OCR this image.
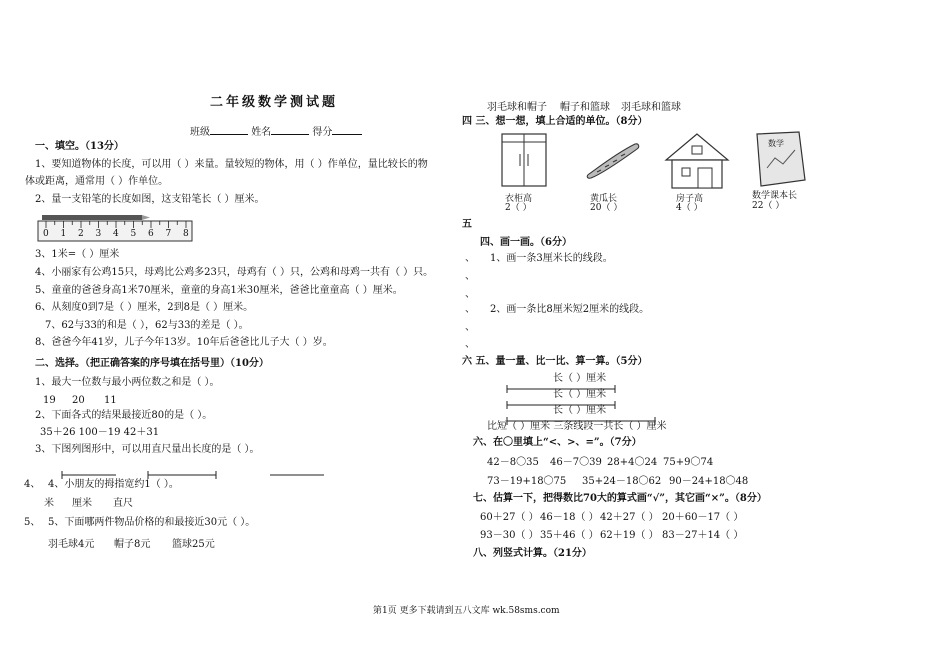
二年级数学测试题
班级	姓名	得分
一、填空。（13分）
1、要知道物体的长度，可以用（ ）来量。量较短的物体，用（ ）作单位，量比较长的物
体或距离，通常用（ ）作单位。
2、量一支铅笔的长度如图，这支铅笔长（ ）厘米。
0 1 2 3 4 5 6 7 8
3、1米=（ ）厘米
4、小丽家有公鸡15只，母鸡比公鸡多23只，母鸡有（ ）只，公鸡和母鸡一共有（ ）只。
5、童童的爸爸身高1米70厘米，童童的身高1米30厘米，爸爸比童童高（ ）厘米。
6、从刻度0到7是（ ）厘米，2到8是（ ）厘米。
7、62与33的和是（ ），62与33的差是（ ）。
8、爸爸今年41岁，儿子今年13岁。10年后爸爸比儿子大（ ）岁。
二、选择。（把正确答案的序号填在括号里）（10分）
1、最大一位数与最小两位数之和是（ ）。
19 20 11
2、下面各式的结果最接近80的是（ ）。
35＋26 100－19 42＋31
3、下图列图形中，可以用直尺量出长度的是（ ）。
4、 4、小朋友的拇指宽约1（ ）。
米 厘米 直尺
5、 5、下面哪两件物品价格的和最接近30元（ ）。
羽毛球4元 帽子8元 篮球25元
羽毛球和帽子 帽子和篮球 羽毛球和篮球
四 三、想一想，填上合适的单位。（8分）
数学
衣柜高
2（ ）
黄瓜长
20（ ）
房子高
4（ ）
数学课本长
22（ ）
五
四、画一画。（6分）
、 1、画一条3厘米长的线段。
、
、
、 2、画一条比8厘米短2厘米的线段。
、
、
六 五、量一量、比一比、算一算。（5分）
长（ ）厘米
长（ ）厘米
长（ ）厘米
比短（ ）厘米 三条线段一共长（ ）厘米
六、在〇里填上“<、>、=”。（7分）
42－8〇35 46－7〇39 28+4〇24 75+9〇74
73－19+18〇75 35+24－18〇62 90－24+18〇48
七、估算一下，把得数比70大的算式画“√”，其它画“×”。（8分）
60＋27（ ） 46－18（ ） 42＋27（ ） 20＋60－17（ ）
93－30（ ） 35＋46（ ） 62＋19（ ） 83－27＋14（ ）
八、列竖式计算。（21分）
第1页 更多下载请到五八文库 wk.58sms.com
